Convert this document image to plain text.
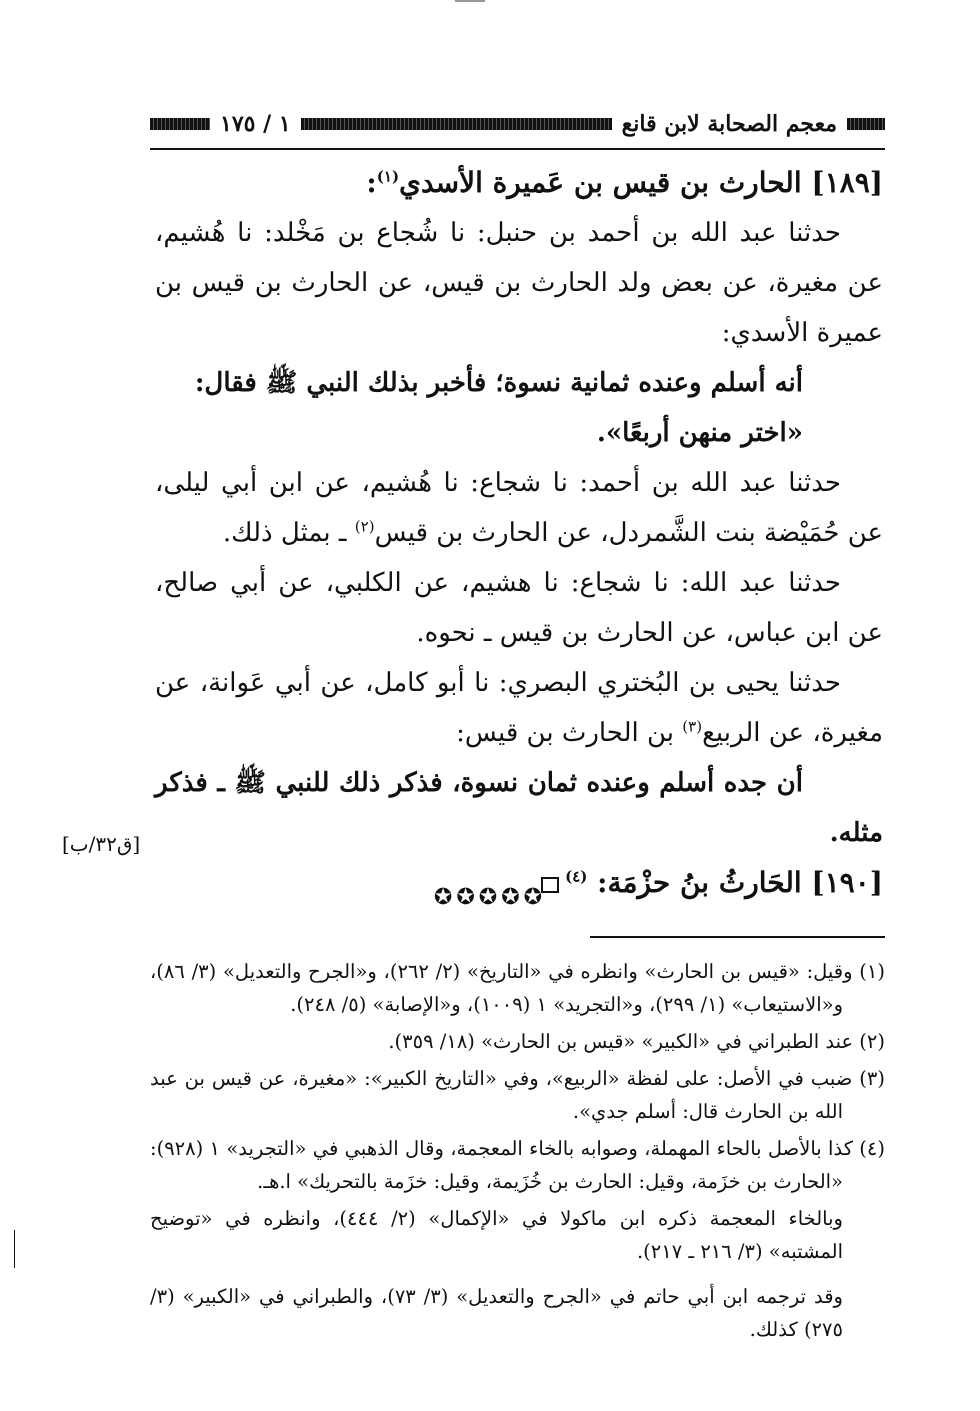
معجم الصحابة لابن قانع
١ / ١٧٥

[١٨٩] الحارث بن قيس بن عَميرة الأسدي$^{(١)}$:

حدثنا عبد الله بن أحمد بن حنبل: نا شُجاع بن مَخْلد: نا هُشيم، عن مغيرة، عن بعض ولد الحارث بن قيس، عن الحارث بن قيس بن عميرة الأسدي:

أنه أسلم وعنده ثمانية نسوة؛ فأخبر بذلك النبي ﷺ فقال:

«اختر منهن أربعًا».

حدثنا عبد الله بن أحمد: نا شجاع: نا هُشيم، عن ابن أبي ليلى، عن حُمَيْضة بنت الشَّمردل، عن الحارث بن قيس$^{(٢)}$ ـ بمثل ذلك.

حدثنا عبد الله: نا شجاع: نا هشيم، عن الكلبي، عن أبي صالح، عن ابن عباس، عن الحارث بن قيس ـ نحوه.

حدثنا يحيى بن البُختري البصري: نا أبو كامل، عن أبي عَوانة، عن مغيرة، عن الربيع$^{(٣)}$ بن الحارث بن قيس:

أن جده أسلم وعنده ثمان نسوة، فذكر ذلك للنبي ﷺ ـ فذكر مثله.

[١٩٠] الحَارثُ بنُ حزْمَة: $^{(٤)}$

[ق٣٢/ب]
✪✪✪✪✪

(١) وقيل: «قيس بن الحارث» وانظره في «التاريخ» (٢/ ٢٦٢)، و«الجرح والتعديل» (٣/ ٨٦)، و«الاستيعاب» (١/ ٢٩٩)، و«التجريد» ١ (١٠٠٩)، و«الإصابة» (٥/ ٢٤٨).

(٢) عند الطبراني في «الكبير» «قيس بن الحارث» (١٨/ ٣٥٩).

(٣) ضبب في الأصل: على لفظة «الربيع»، وفي «التاريخ الكبير»: «مغيرة، عن قيس بن عبد الله بن الحارث قال: أسلم جدي».

(٤) كذا بالأصل بالحاء المهملة، وصوابه بالخاء المعجمة، وقال الذهبي في «التجريد» ١ (٩٢٨): «الحارث بن خزَمة، وقيل: الحارث بن خُزَيمة، وقيل: خزَمة بالتحريك» ا.هـ.

وبالخاء المعجمة ذكره ابن ماكولا في «الإكمال» (٢/ ٤٤٤)، وانظره في «توضيح المشتبه» (٣/ ٢١٦ ـ ٢١٧).

وقد ترجمه ابن أبي حاتم في «الجرح والتعديل» (٣/ ٧٣)، والطبراني في «الكبير» (٣/ ٢٧٥) كذلك.
